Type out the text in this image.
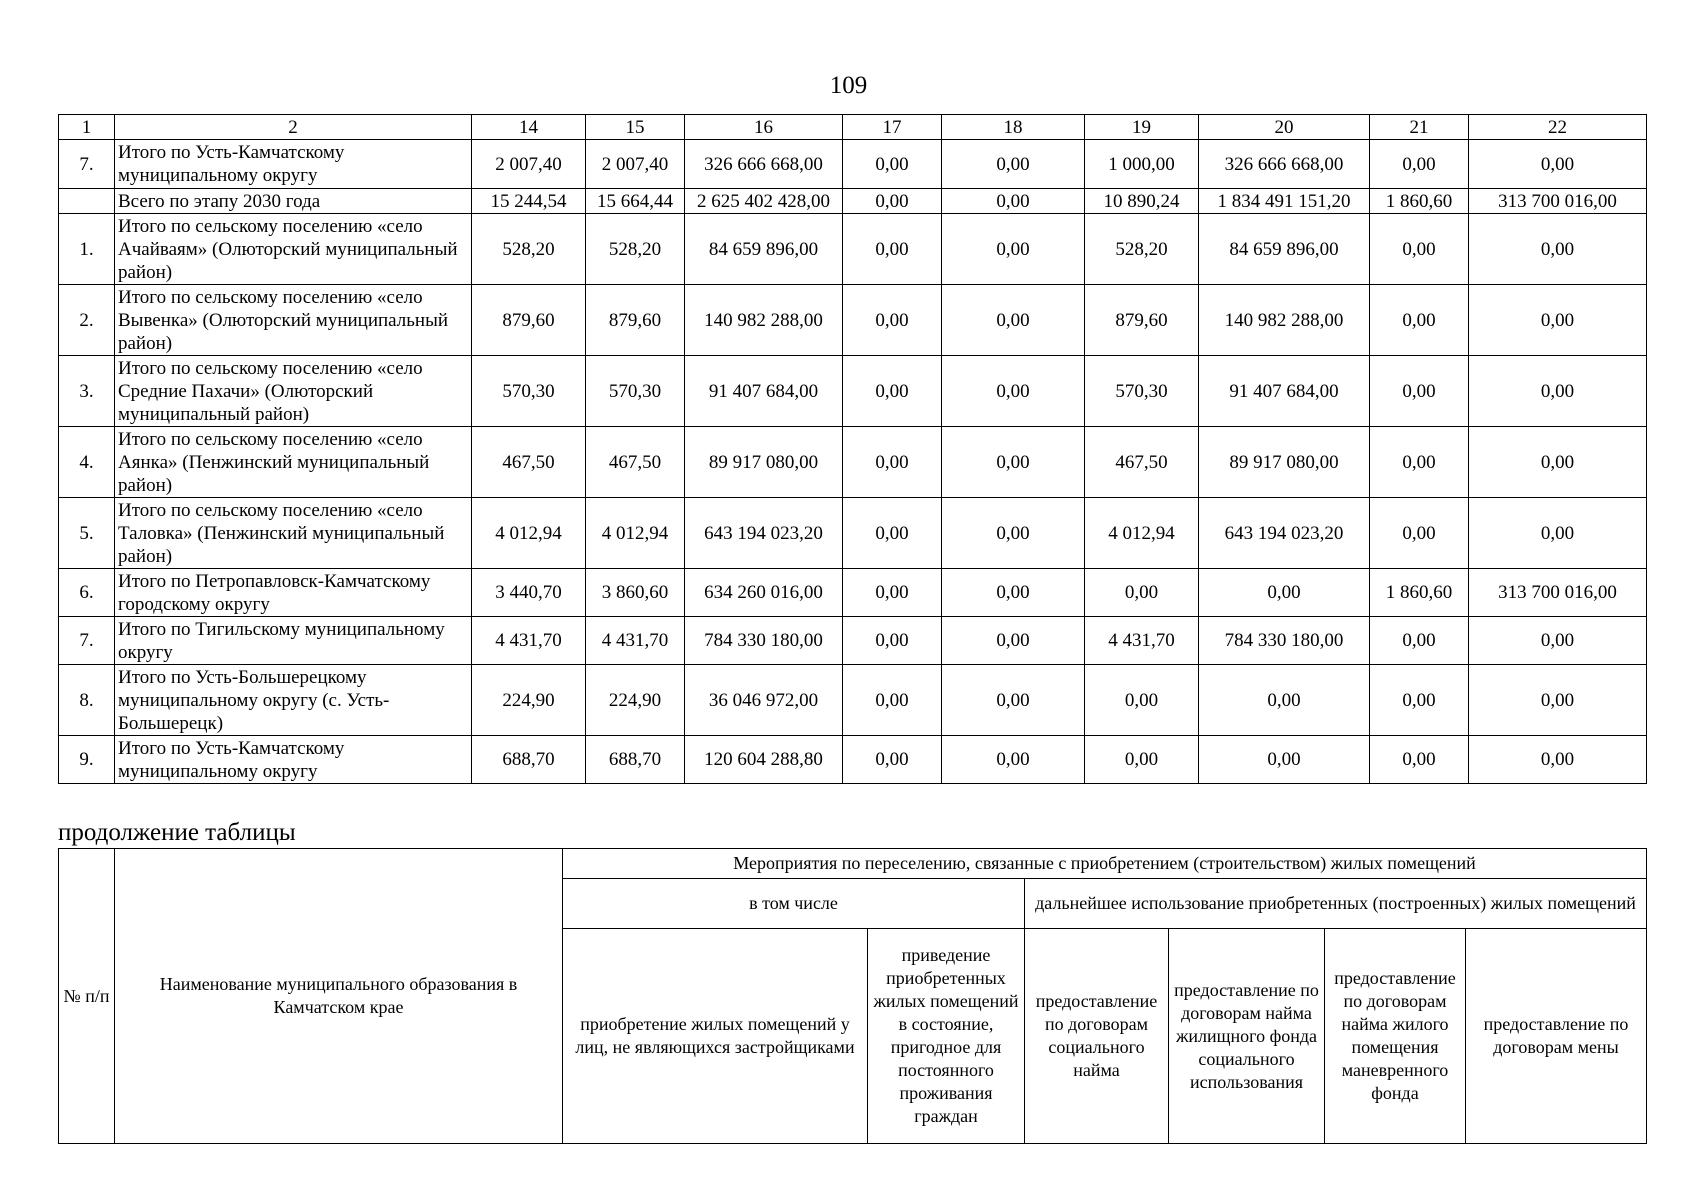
109
1	2	14	15	16	17	18	19	20	21	22
7.	Итого по Усть-Камчатскому муниципальному округу	2 007,40	2 007,40	326 666 668,00	0,00	0,00	1 000,00	326 666 668,00	0,00	0,00
	Всего по этапу 2030 года	15 244,54	15 664,44	2 625 402 428,00	0,00	0,00	10 890,24	1 834 491 151,20	1 860,60	313 700 016,00
1.	Итого по сельскому поселению «село Ачайваям» (Олюторский муниципальный район)	528,20	528,20	84 659 896,00	0,00	0,00	528,20	84 659 896,00	0,00	0,00
2.	Итого по сельскому поселению «село Вывенка» (Олюторский муниципальный район)	879,60	879,60	140 982 288,00	0,00	0,00	879,60	140 982 288,00	0,00	0,00
3.	Итого по сельскому поселению «село Средние Пахачи» (Олюторский муниципальный район)	570,30	570,30	91 407 684,00	0,00	0,00	570,30	91 407 684,00	0,00	0,00
4.	Итого по сельскому поселению «село Аянка» (Пенжинский муниципальный район)	467,50	467,50	89 917 080,00	0,00	0,00	467,50	89 917 080,00	0,00	0,00
5.	Итого по сельскому поселению «село Таловка» (Пенжинский муниципальный район)	4 012,94	4 012,94	643 194 023,20	0,00	0,00	4 012,94	643 194 023,20	0,00	0,00
6.	Итого по Петропавловск-Камчатскому городскому округу	3 440,70	3 860,60	634 260 016,00	0,00	0,00	0,00	0,00	1 860,60	313 700 016,00
7.	Итого по Тигильскому муниципальному округу	4 431,70	4 431,70	784 330 180,00	0,00	0,00	4 431,70	784 330 180,00	0,00	0,00
8.	Итого по Усть-Большерецкому муниципальному округу (с. Усть-Большерецк)	224,90	224,90	36 046 972,00	0,00	0,00	0,00	0,00	0,00	0,00
9.	Итого по Усть-Камчатскому муниципальному округу	688,70	688,70	120 604 288,80	0,00	0,00	0,00	0,00	0,00	0,00
продолжение таблицы
№ п/п	Наименование муниципального образования в Камчатском крае	Мероприятия по переселению, связанные с приобретением (строительством) жилых помещений					
		в том числе		дальнейшее использование приобретенных (построенных) жилых помещений			
		приобретение жилых помещений у лиц, не являющихся застройщиками	приведение приобретенных жилых помещений в состояние, пригодное для постоянного проживания граждан	предоставление по договорам социального найма	предоставление по договорам найма жилищного фонда социального использования	предоставление по договорам найма жилого помещения маневренного фонда	предоставление по договорам мены
